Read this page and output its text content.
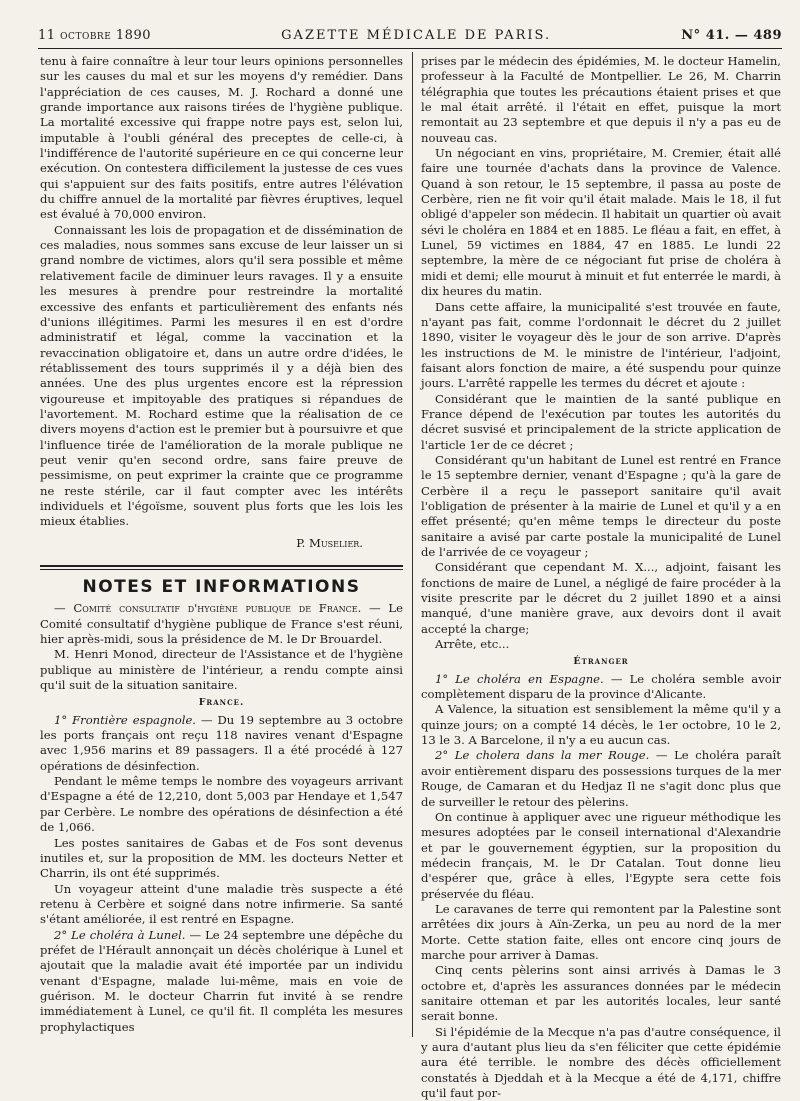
11 octobre 1890	GAZETTE MÉDICALE DE PARIS.	N° 41. — 489

tenu à faire connaître à leur tour leurs opinions personnelles sur les causes du mal et sur les moyens d'y remédier. Dans l'appréciation de ces causes, M. J. Rochard a donné une grande importance aux raisons tirées de l'hygiène publique. La mortalité excessive qui frappe notre pays est, selon lui, imputable à l'oubli général des preceptes de celle-ci, à l'indifférence de l'autorité supérieure en ce qui concerne leur exécution. On contestera difficilement la justesse de ces vues qui s'appuient sur des faits positifs, entre autres l'élévation du chiffre annuel de la mortalité par fièvres éruptives, lequel est évalué à 70,000 environ.

Connaissant les lois de propagation et de dissémination de ces maladies, nous sommes sans excuse de leur laisser un si grand nombre de victimes, alors qu'il sera possible et même relativement facile de diminuer leurs ravages. Il y a ensuite les mesures à prendre pour restreindre la mortalité excessive des enfants et particulièrement des enfants nés d'unions illégitimes. Parmi les mesures il en est d'ordre administratif et légal, comme la vaccination et la revaccination obligatoire et, dans un autre ordre d'idées, le rétablissement des tours supprimés il y a déjà bien des années. Une des plus urgentes encore est la répression vigoureuse et impitoyable des pratiques si répandues de l'avortement. M. Rochard estime que la réalisation de ce divers moyens d'action est le premier but à poursuivre et que l'influence tirée de l'amélioration de la morale publique ne peut venir qu'en second ordre, sans faire preuve de pessimisme, on peut exprimer la crainte que ce programme ne reste stérile, car il faut compter avec les intérêts individuels et l'égoïsme, souvent plus forts que les lois les mieux établies.

P. Muselier.
NOTES ET INFORMATIONS

— Comité consultatif d'hygiène publique de France. — Le Comité consultatif d'hygiène publique de France s'est réuni, hier après-midi, sous la présidence de M. le Dr Brouardel.

M. Henri Monod, directeur de l'Assistance et de l'hygiène publique au ministère de l'intérieur, a rendu compte ainsi qu'il suit de la situation sanitaire.

France.

1° Frontière espagnole. — Du 19 septembre au 3 octobre les ports français ont reçu 118 navires venant d'Espagne avec 1,956 marins et 89 passagers. Il a été procédé à 127 opérations de désinfection.

Pendant le même temps le nombre des voyageurs arrivant d'Espagne a été de 12,210, dont 5,003 par Hendaye et 1,547 par Cerbère. Le nombre des opérations de désinfection a été de 1,066.

Les postes sanitaires de Gabas et de Fos sont devenus inutiles et, sur la proposition de MM. les docteurs Netter et Charrin, ils ont été supprimés.

Un voyageur atteint d'une maladie très suspecte a été retenu à Cerbère et soigné dans notre infirmerie. Sa santé s'étant améliorée, il est rentré en Espagne.

2° Le choléra à Lunel. — Le 24 septembre une dépêche du préfet de l'Hérault annonçait un décès cholérique à Lunel et ajoutait que la maladie avait été importée par un individu venant d'Espagne, malade lui-même, mais en voie de guérison. M. le docteur Charrin fut invité à se rendre immédiatement à Lunel, ce qu'il fit. Il compléta les mesures prophylactiques

prises par le médecin des épidémies, M. le docteur Hamelin, professeur à la Faculté de Montpellier. Le 26, M. Charrin télégraphia que toutes les précautions étaient prises et que le mal était arrêté. il l'était en effet, puisque la mort remontait au 23 septembre et que depuis il n'y a pas eu de nouveau cas.

Un négociant en vins, propriétaire, M. Cremier, était allé faire une tournée d'achats dans la province de Valence. Quand à son retour, le 15 septembre, il passa au poste de Cerbère, rien ne fit voir qu'il était malade. Mais le 18, il fut obligé d'appeler son médecin. Il habitait un quartier où avait sévi le choléra en 1884 et en 1885. Le fléau a fait, en effet, à Lunel, 59 victimes en 1884, 47 en 1885. Le lundi 22 septembre, la mère de ce négociant fut prise de choléra à midi et demi; elle mourut à minuit et fut enterrée le mardi, à dix heures du matin.

Dans cette affaire, la municipalité s'est trouvée en faute, n'ayant pas fait, comme l'ordonnait le décret du 2 juillet 1890, visiter le voyageur dès le jour de son arrive. D'après les instructions de M. le ministre de l'intérieur, l'adjoint, faisant alors fonction de maire, a été suspendu pour quinze jours. L'arrêté rappelle les termes du décret et ajoute :

Considérant que le maintien de la santé publique en France dépend de l'exécution par toutes les autorités du décret susvisé et principalement de la stricte application de l'article 1er de ce décret ;

Considérant qu'un habitant de Lunel est rentré en France le 15 septembre dernier, venant d'Espagne ; qu'à la gare de Cerbère il a reçu le passeport sanitaire qu'il avait l'obligation de présenter à la mairie de Lunel et qu'il y a en effet présenté; qu'en même temps le directeur du poste sanitaire a avisé par carte postale la municipalité de Lunel de l'arrivée de ce voyageur ;

Considérant que cependant M. X..., adjoint, faisant les fonctions de maire de Lunel, a négligé de faire procéder à la visite prescrite par le décret du 2 juillet 1890 et a ainsi manqué, d'une manière grave, aux devoirs dont il avait accepté la charge;

Arrête, etc...

Étranger

1° Le choléra en Espagne. — Le choléra semble avoir complètement disparu de la province d'Alicante.

A Valence, la situation est sensiblement la même qu'il y a quinze jours; on a compté 14 décès, le 1er octobre, 10 le 2, 13 le 3. A Barcelone, il n'y a eu aucun cas.

2° Le cholera dans la mer Rouge. — Le choléra paraît avoir entièrement disparu des possessions turques de la mer Rouge, de Camaran et du Hedjaz Il ne s'agit donc plus que de surveiller le retour des pèlerins.

On continue à appliquer avec une rigueur méthodique les mesures adoptées par le conseil international d'Alexandrie et par le gouvernement égyptien, sur la proposition du médecin français, M. le Dr Catalan. Tout donne lieu d'espérer que, grâce à elles, l'Egypte sera cette fois préservée du fléau.

Le caravanes de terre qui remontent par la Palestine sont arrêtées dix jours à Aïn-Zerka, un peu au nord de la mer Morte. Cette station faite, elles ont encore cinq jours de marche pour arriver à Damas.

Cinq cents pèlerins sont ainsi arrivés à Damas le 3 octobre et, d'après les assurances données par le médecin sanitaire otteman et par les autorités locales, leur santé serait bonne.

Si l'épidémie de la Mecque n'a pas d'autre conséquence, il y aura d'autant plus lieu da s'en féliciter que cette épidémie aura été terrible. le nombre des décès officiellement constatés à Djeddah et à la Mecque a été de 4,171, chiffre qu'il faut por-
